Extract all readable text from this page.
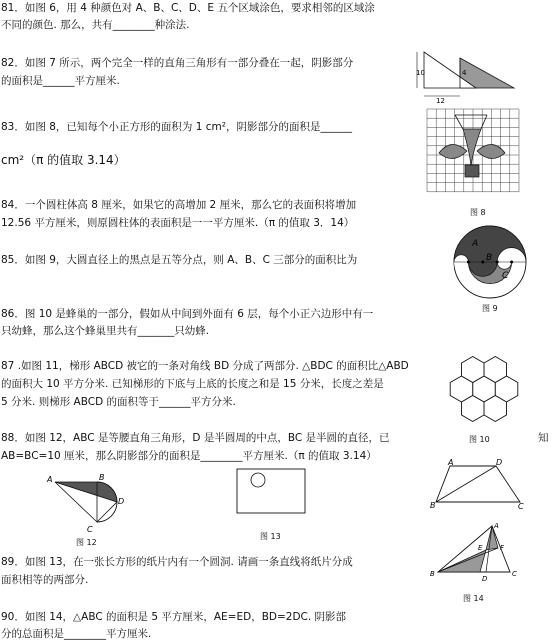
81．如图 6，用 4 种颜色对 A、B、C、D、E 五个区域涂色，要求相邻的区域涂
不同的颜色. 那么，共有________种涂法.
82．如图 7 所示，两个完全一样的直角三角形有一部分叠在一起，阴影部分
的面积是______平方厘米.
83．如图 8，已知每个小正方形的面积为 1 cm²，阴影部分的面积是______
cm²（π 的值取 3.14）
84．一个圆柱体高 8 厘米，如果它的高增加 2 厘米，那么它的表面积将增加
12.56 平方厘米，则原圆柱体的表面积是一一平方厘米.（π 的值取 3．14）
85．如图 9，大圆直径上的黑点是五等分点，则 A、B、C 三部分的面积比为
86．图 10 是蜂巢的一部分，假如从中间到外面有 6 层，每个小正六边形中有一
只幼蜂，那么这个蜂巢里共有_______只幼蜂.
87 .如图 11，梯形 ABCD 被它的一条对角线 BD 分成了两部分. △BDC 的面积比△ABD
的面积大 10 平方分米. 已知梯形的下底与上底的长度之和是 15 分米，长度之差是
5 分米. 则梯形 ABCD 的面积等于______平方分米.
88．如图 12，ABC 是等腰直角三角形，D 是半圆周的中点，BC 是半圆的直径，已	知
AB=BC=10 厘米，那么阴影部分的面积是________平方厘米.（π 的值取 3.14）
89．如图 13，在一张长方形的纸片内有一个圆洞. 请画一条直线将纸片分成
面积相等的两部分.
90．如图 14，△ABC 的面积是 5 平方厘米，AE=ED，BD=2DC. 阴影部
分的总面积是________平方厘米.
10	4
12
图 8
A
B
C
图 9
图 10
A	D
B	C
A	B
C
D
图 12
图 13
A
E	F
B
D
C
图 14
